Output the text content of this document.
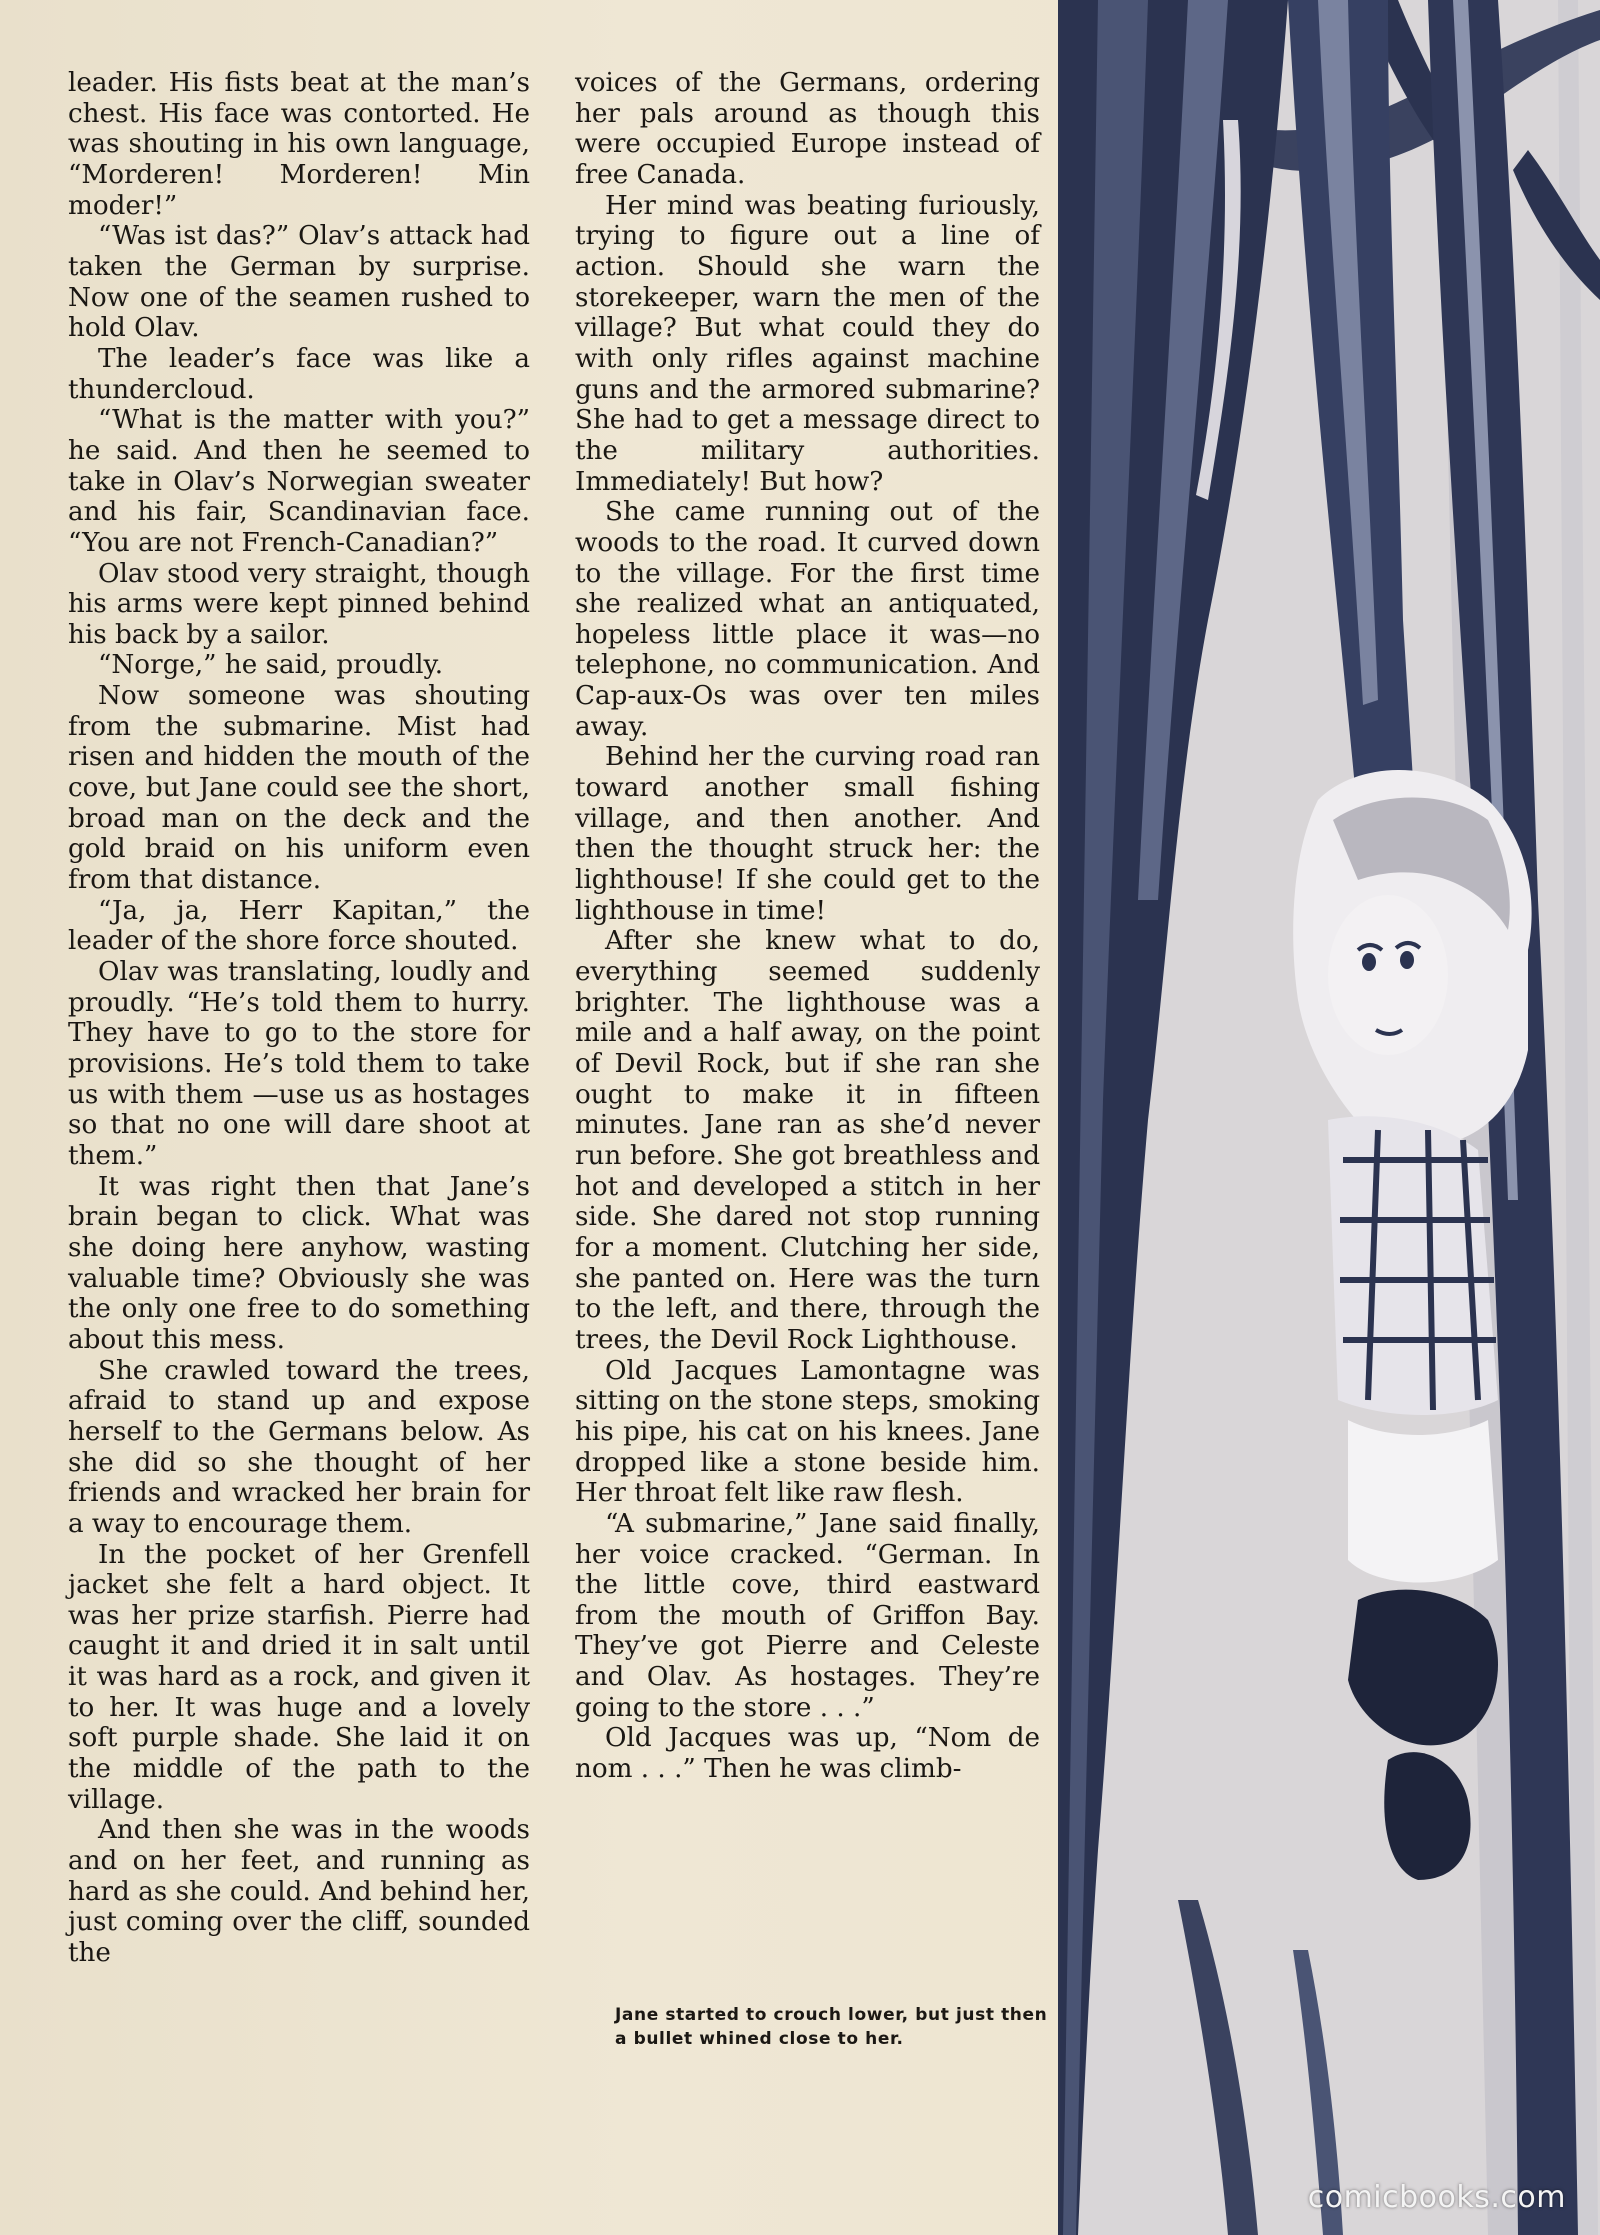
leader. His fists beat at the man’s chest. His face was contorted. He was shouting in his own language, “Morderen! Morderen! Min moder!”

“Was ist das?” Olav’s attack had taken the German by surprise. Now one of the seamen rushed to hold Olav.

The leader’s face was like a thundercloud.

“What is the matter with you?” he said. And then he seemed to take in Olav’s Norwegian sweater and his fair, Scandinavian face. “You are not French-Canadian?”

Olav stood very straight, though his arms were kept pinned behind his back by a sailor.

“Norge,” he said, proudly.

Now someone was shouting from the submarine. Mist had risen and hidden the mouth of the cove, but Jane could see the short, broad man on the deck and the gold braid on his uniform even from that distance.

“Ja, ja, Herr Kapitan,” the leader of the shore force shouted.

Olav was translating, loudly and proudly. “He’s told them to hurry. They have to go to the store for provisions. He’s told them to take us with them —use us as hostages so that no one will dare shoot at them.”

It was right then that Jane’s brain began to click. What was she doing here anyhow, wasting valuable time? Obviously she was the only one free to do something about this mess.

She crawled toward the trees, afraid to stand up and expose herself to the Germans below. As she did so she thought of her friends and wracked her brain for a way to encourage them.

In the pocket of her Grenfell jacket she felt a hard object. It was her prize starfish. Pierre had caught it and dried it in salt until it was hard as a rock, and given it to her. It was huge and a lovely soft purple shade. She laid it on the middle of the path to the village.

And then she was in the woods and on her feet, and running as hard as she could. And behind her, just coming over the cliff, sounded the

voices of the Germans, ordering her pals around as though this were occupied Europe instead of free Canada.

Her mind was beating furiously, trying to figure out a line of action. Should she warn the storekeeper, warn the men of the village? But what could they do with only rifles against machine guns and the armored submarine? She had to get a message direct to the military authorities. Immediately! But how?

She came running out of the woods to the road. It curved down to the village. For the first time she realized what an antiquated, hopeless little place it was—no telephone, no communication. And Cap-aux-Os was over ten miles away.

Behind her the curving road ran toward another small fishing village, and then another. And then the thought struck her: the lighthouse! If she could get to the lighthouse in time!

After she knew what to do, everything seemed suddenly brighter. The lighthouse was a mile and a half away, on the point of Devil Rock, but if she ran she ought to make it in fifteen minutes. Jane ran as she’d never run before. She got breathless and hot and developed a stitch in her side. She dared not stop running for a moment. Clutching her side, she panted on. Here was the turn to the left, and there, through the trees, the Devil Rock Lighthouse.

Old Jacques Lamontagne was sitting on the stone steps, smoking his pipe, his cat on his knees. Jane dropped like a stone beside him. Her throat felt like raw flesh.

“A submarine,” Jane said finally, her voice cracked. “German. In the little cove, third eastward from the mouth of Griffon Bay. They’ve got Pierre and Celeste and Olav. As hostages. They’re going to the store . . .”

Old Jacques was up, “Nom de nom . . .” Then he was climb-

Jane started to crouch lower, but just then a bullet whined close to her.
comicbooks.com
